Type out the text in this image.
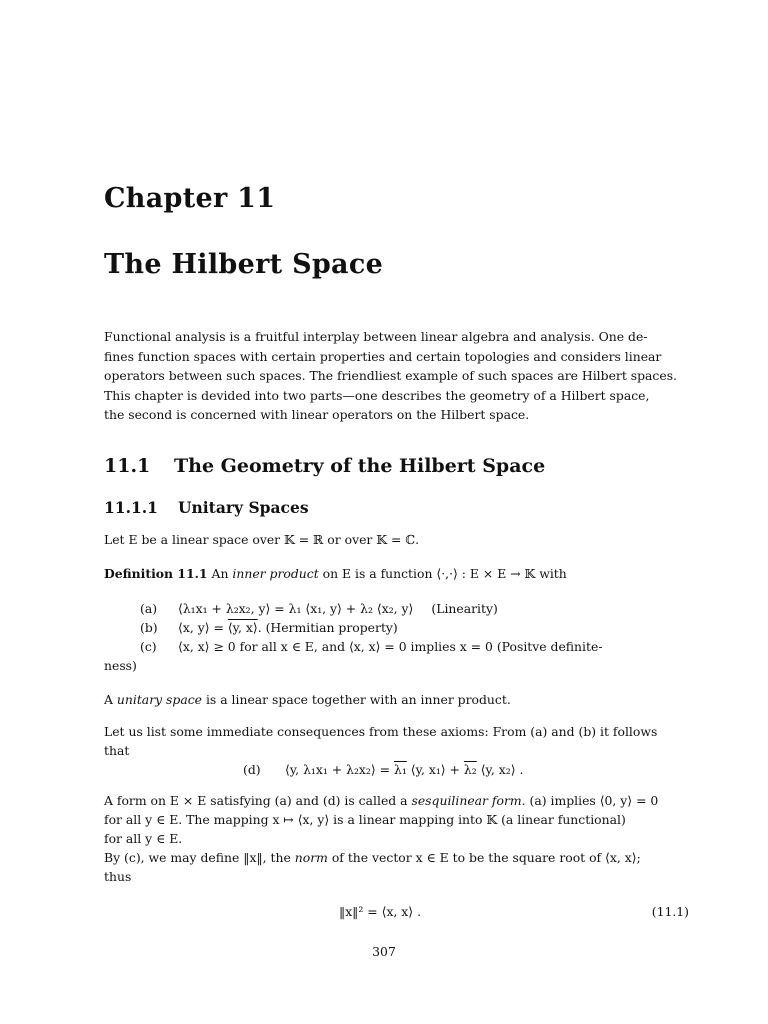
Chapter 11
The Hilbert Space
Functional analysis is a fruitful interplay between linear algebra and analysis. One de-
fines function spaces with certain properties and certain topologies and considers linear
operators between such spaces. The friendliest example of such spaces are Hilbert spaces.
This chapter is devided into two parts—one describes the geometry of a Hilbert space,
the second is concerned with linear operators on the Hilbert space.
11.1 The Geometry of the Hilbert Space
11.1.1 Unitary Spaces
Let E be a linear space over 𝕂 = ℝ or over 𝕂 = ℂ.
Definition 11.1 An inner product on E is a function ⟨·,·⟩ : E × E → 𝕂 with
(a) ⟨λ₁x₁ + λ₂x₂, y⟩ = λ₁ ⟨x₁, y⟩ + λ₂ ⟨x₂, y⟩ (Linearity)
(b) ⟨x, y⟩ = ⟨y, x⟩. (Hermitian property)
(c) ⟨x, x⟩ ≥ 0 for all x ∈ E, and ⟨x, x⟩ = 0 implies x = 0 (Positve definite-
ness)
A unitary space is a linear space together with an inner product.
Let us list some immediate consequences from these axioms: From (a) and (b) it follows
that
(d) ⟨y, λ₁x₁ + λ₂x₂⟩ = λ₁ ⟨y, x₁⟩ + λ₂ ⟨y, x₂⟩ .
A form on E × E satisfying (a) and (d) is called a sesquilinear form. (a) implies ⟨0, y⟩ = 0
for all y ∈ E. The mapping x ↦ ⟨x, y⟩ is a linear mapping into 𝕂 (a linear functional)
for all y ∈ E.
By (c), we may define ‖x‖, the norm of the vector x ∈ E to be the square root of ⟨x, x⟩;
thus
‖x‖² = ⟨x, x⟩ .	(11.1)
307
